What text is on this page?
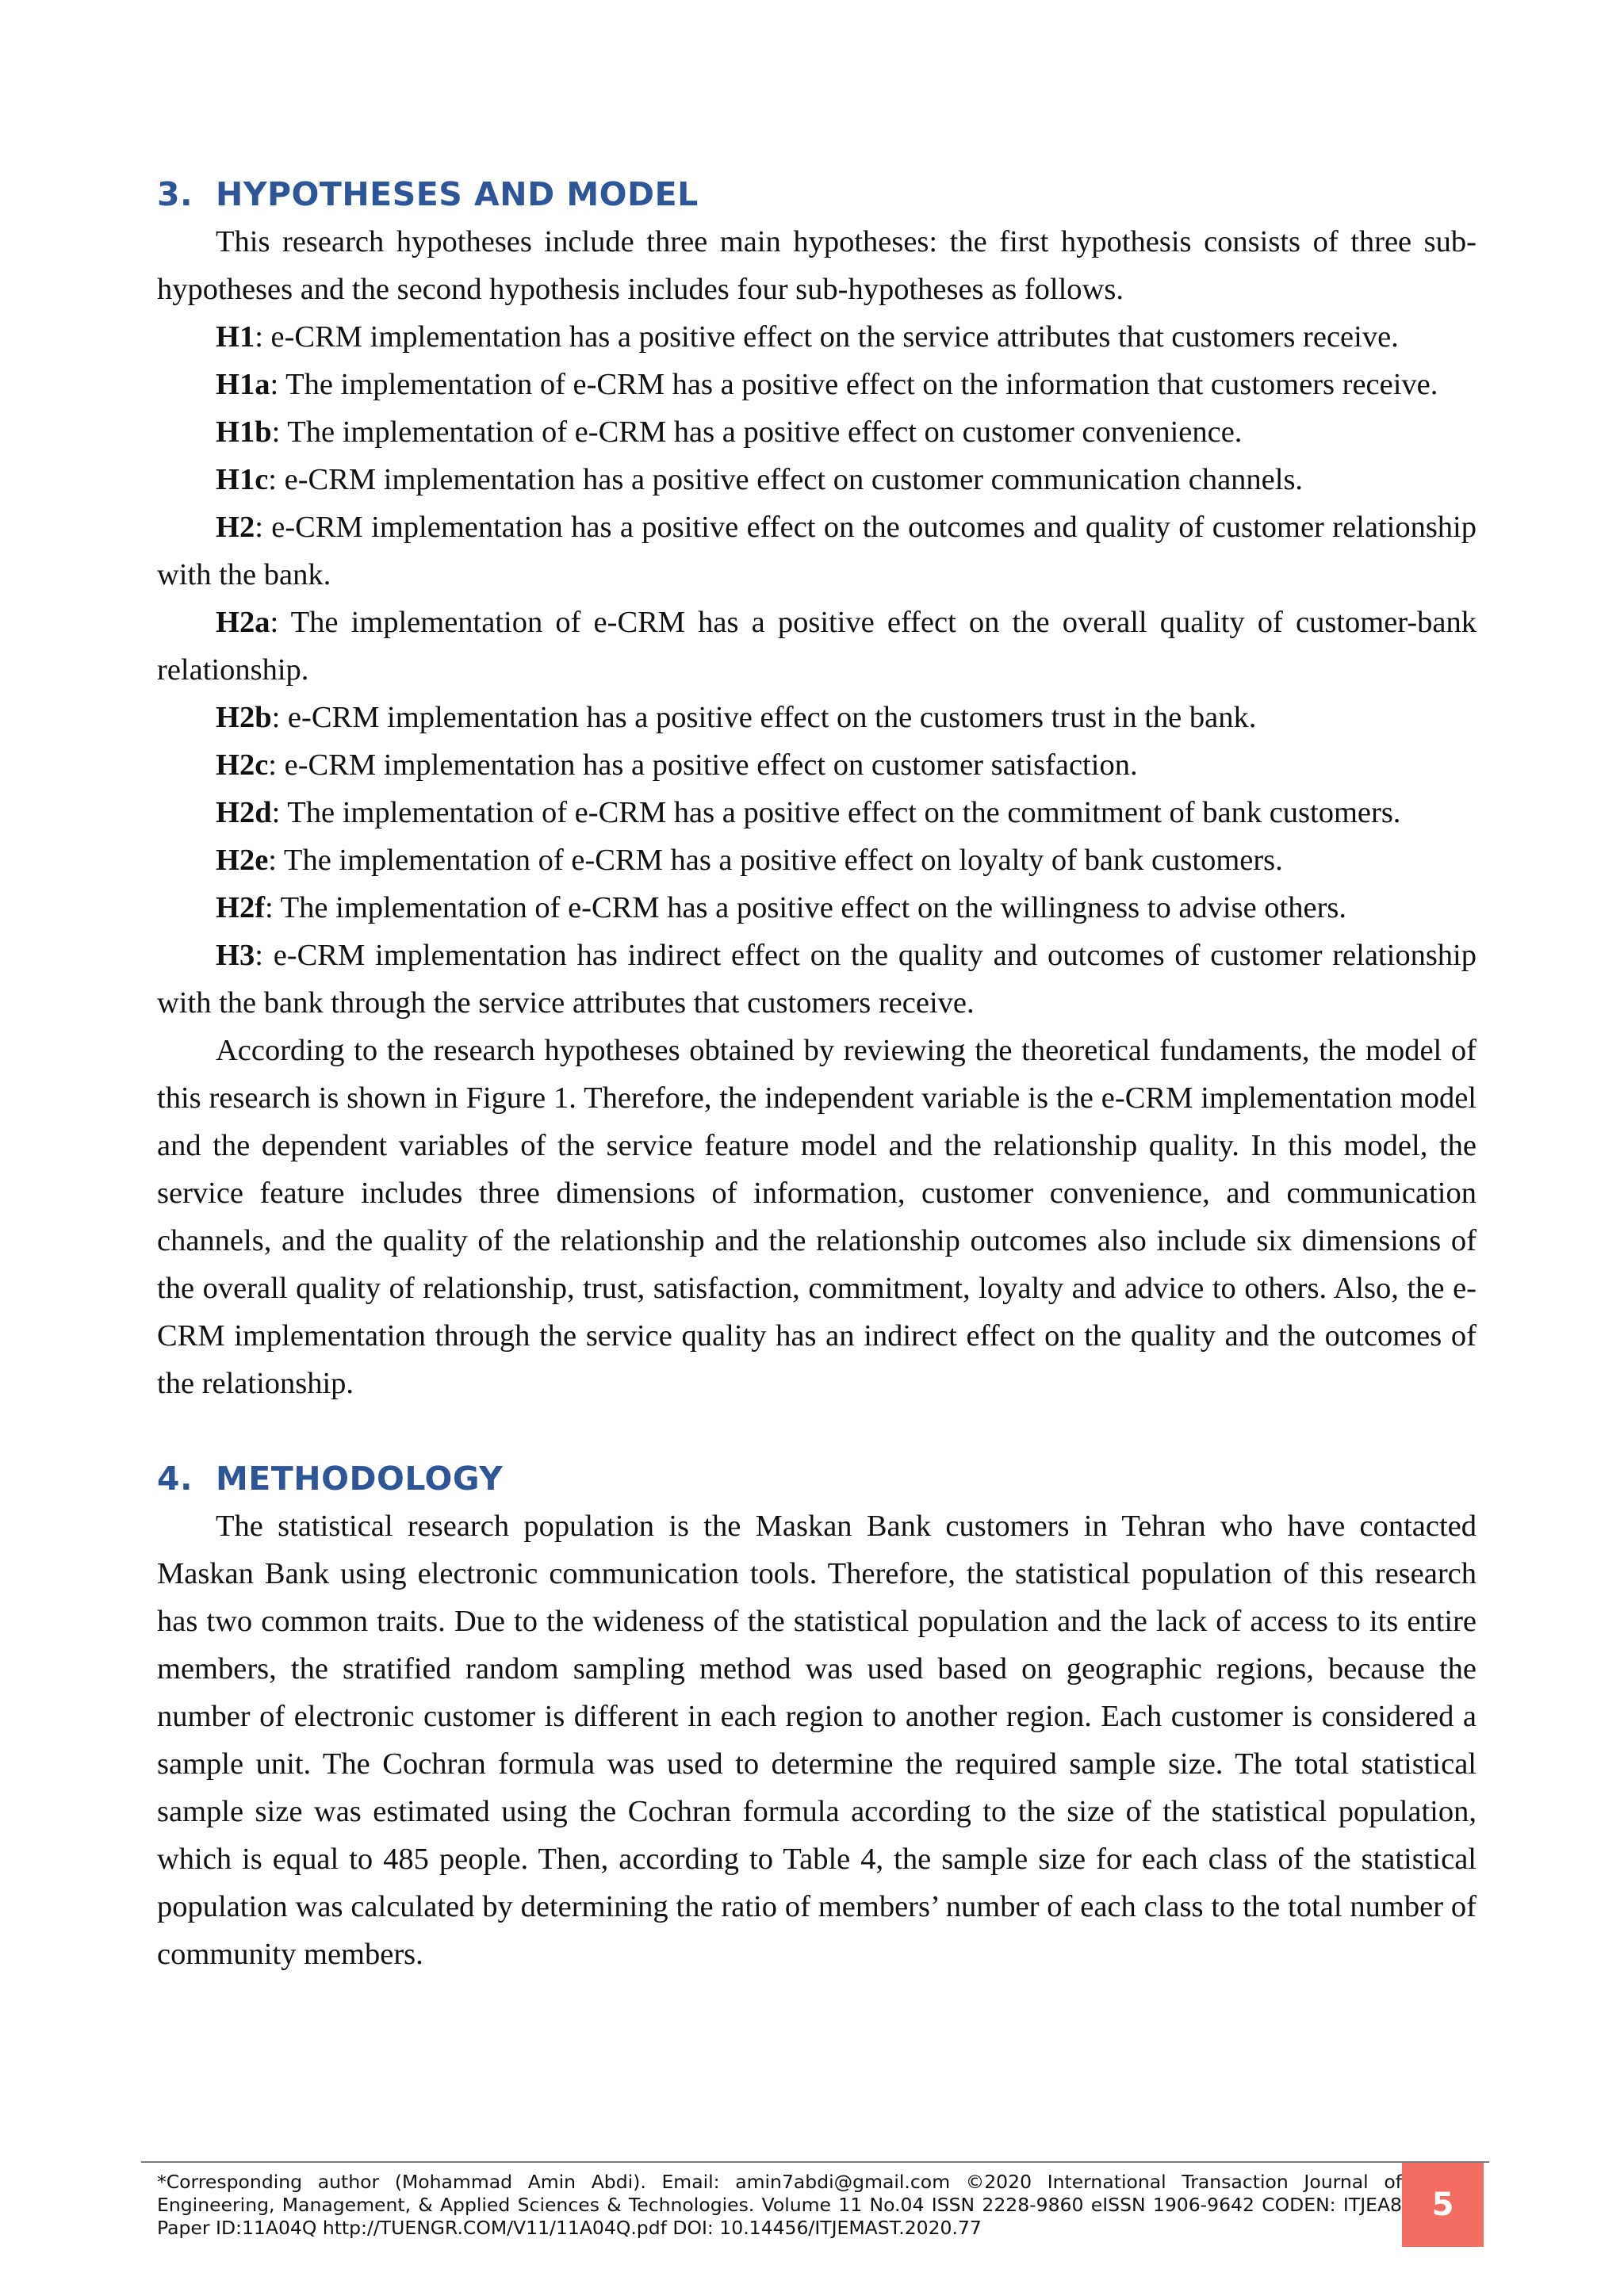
3. HYPOTHESES AND MODEL

This research hypotheses include three main hypotheses: the first hypothesis consists of three sub-hypotheses and the second hypothesis includes four sub-hypotheses as follows.

H1: e-CRM implementation has a positive effect on the service attributes that customers receive.

H1a: The implementation of e-CRM has a positive effect on the information that customers receive.

H1b: The implementation of e-CRM has a positive effect on customer convenience.

H1c: e-CRM implementation has a positive effect on customer communication channels.

H2: e-CRM implementation has a positive effect on the outcomes and quality of customer relationship with the bank.

H2a: The implementation of e-CRM has a positive effect on the overall quality of customer-bank relationship.

H2b: e-CRM implementation has a positive effect on the customers trust in the bank.

H2c: e-CRM implementation has a positive effect on customer satisfaction.

H2d: The implementation of e-CRM has a positive effect on the commitment of bank customers.

H2e: The implementation of e-CRM has a positive effect on loyalty of bank customers.

H2f: The implementation of e-CRM has a positive effect on the willingness to advise others.

H3: e-CRM implementation has indirect effect on the quality and outcomes of customer relationship with the bank through the service attributes that customers receive.

According to the research hypotheses obtained by reviewing the theoretical fundaments, the model of this research is shown in Figure 1. Therefore, the independent variable is the e-CRM implementation model and the dependent variables of the service feature model and the relationship quality. In this model, the service feature includes three dimensions of information, customer convenience, and communication channels, and the quality of the relationship and the relationship outcomes also include six dimensions of the overall quality of relationship, trust, satisfaction, commitment, loyalty and advice to others. Also, the e-CRM implementation through the service quality has an indirect effect on the quality and the outcomes of the relationship.

4. METHODOLOGY

The statistical research population is the Maskan Bank customers in Tehran who have contacted Maskan Bank using electronic communication tools. Therefore, the statistical population of this research has two common traits. Due to the wideness of the statistical population and the lack of access to its entire members, the stratified random sampling method was used based on geographic regions, because the number of electronic customer is different in each region to another region. Each customer is considered a sample unit. The Cochran formula was used to determine the required sample size. The total statistical sample size was estimated using the Cochran formula according to the size of the statistical population, which is equal to 485 people. Then, according to Table 4, the sample size for each class of the statistical population was calculated by determining the ratio of members’ number of each class to the total number of community members.

*Corresponding author (Mohammad Amin Abdi). Email: amin7abdi@gmail.com ©2020 International Transaction Journal of Engineering, Management, & Applied Sciences & Technologies. Volume 11 No.04 ISSN 2228-9860 eISSN 1906-9642 CODEN: ITJEA8 Paper ID:11A04Q http://TUENGR.COM/V11/11A04Q.pdf DOI: 10.14456/ITJEMAST.2020.77
5
